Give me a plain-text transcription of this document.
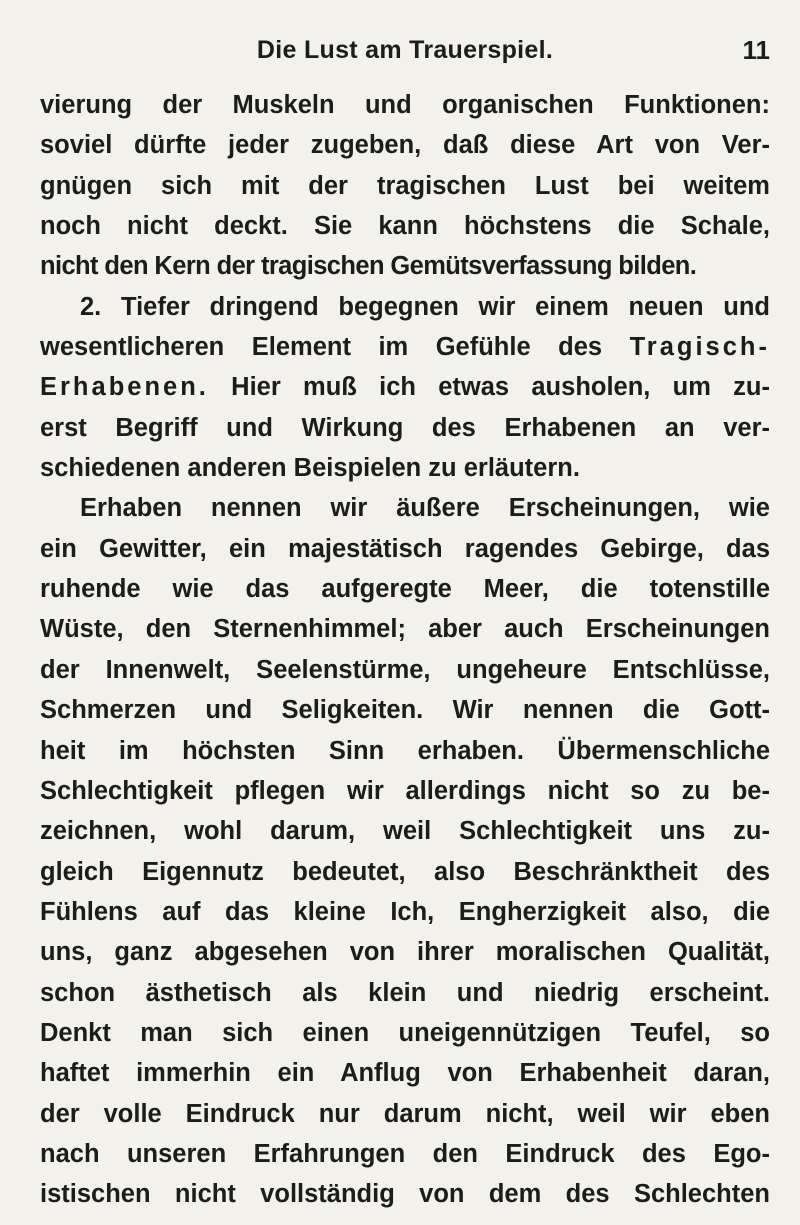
Die Lust am Trauerspiel.	11

vierung der Muskeln und organischen Funktionen:

soviel dürfte jeder zugeben, daß diese Art von Ver-

gnügen sich mit der tragischen Lust bei weitem

noch nicht deckt. Sie kann höchstens die Schale,

nicht den Kern der tragischen Gemütsverfassung bilden.

2. Tiefer dringend begegnen wir einem neuen und

wesentlicheren Element im Gefühle des Tragisch-

Erhabenen. Hier muß ich etwas ausholen, um zu-

erst Begriff und Wirkung des Erhabenen an ver-

schiedenen anderen Beispielen zu erläutern.

Erhaben nennen wir äußere Erscheinungen, wie

ein Gewitter, ein majestätisch ragendes Gebirge, das

ruhende wie das aufgeregte Meer, die totenstille

Wüste, den Sternenhimmel; aber auch Erscheinungen

der Innenwelt, Seelenstürme, ungeheure Entschlüsse,

Schmerzen und Seligkeiten. Wir nennen die Gott-

heit im höchsten Sinn erhaben. Übermenschliche

Schlechtigkeit pflegen wir allerdings nicht so zu be-

zeichnen, wohl darum, weil Schlechtigkeit uns zu-

gleich Eigennutz bedeutet, also Beschränktheit des

Fühlens auf das kleine Ich, Engherzigkeit also, die

uns, ganz abgesehen von ihrer moralischen Qualität,

schon ästhetisch als klein und niedrig erscheint.

Denkt man sich einen uneigennützigen Teufel, so

haftet immerhin ein Anflug von Erhabenheit daran,

der volle Eindruck nur darum nicht, weil wir eben

nach unseren Erfahrungen den Eindruck des Ego-

istischen nicht vollständig von dem des Schlechten
